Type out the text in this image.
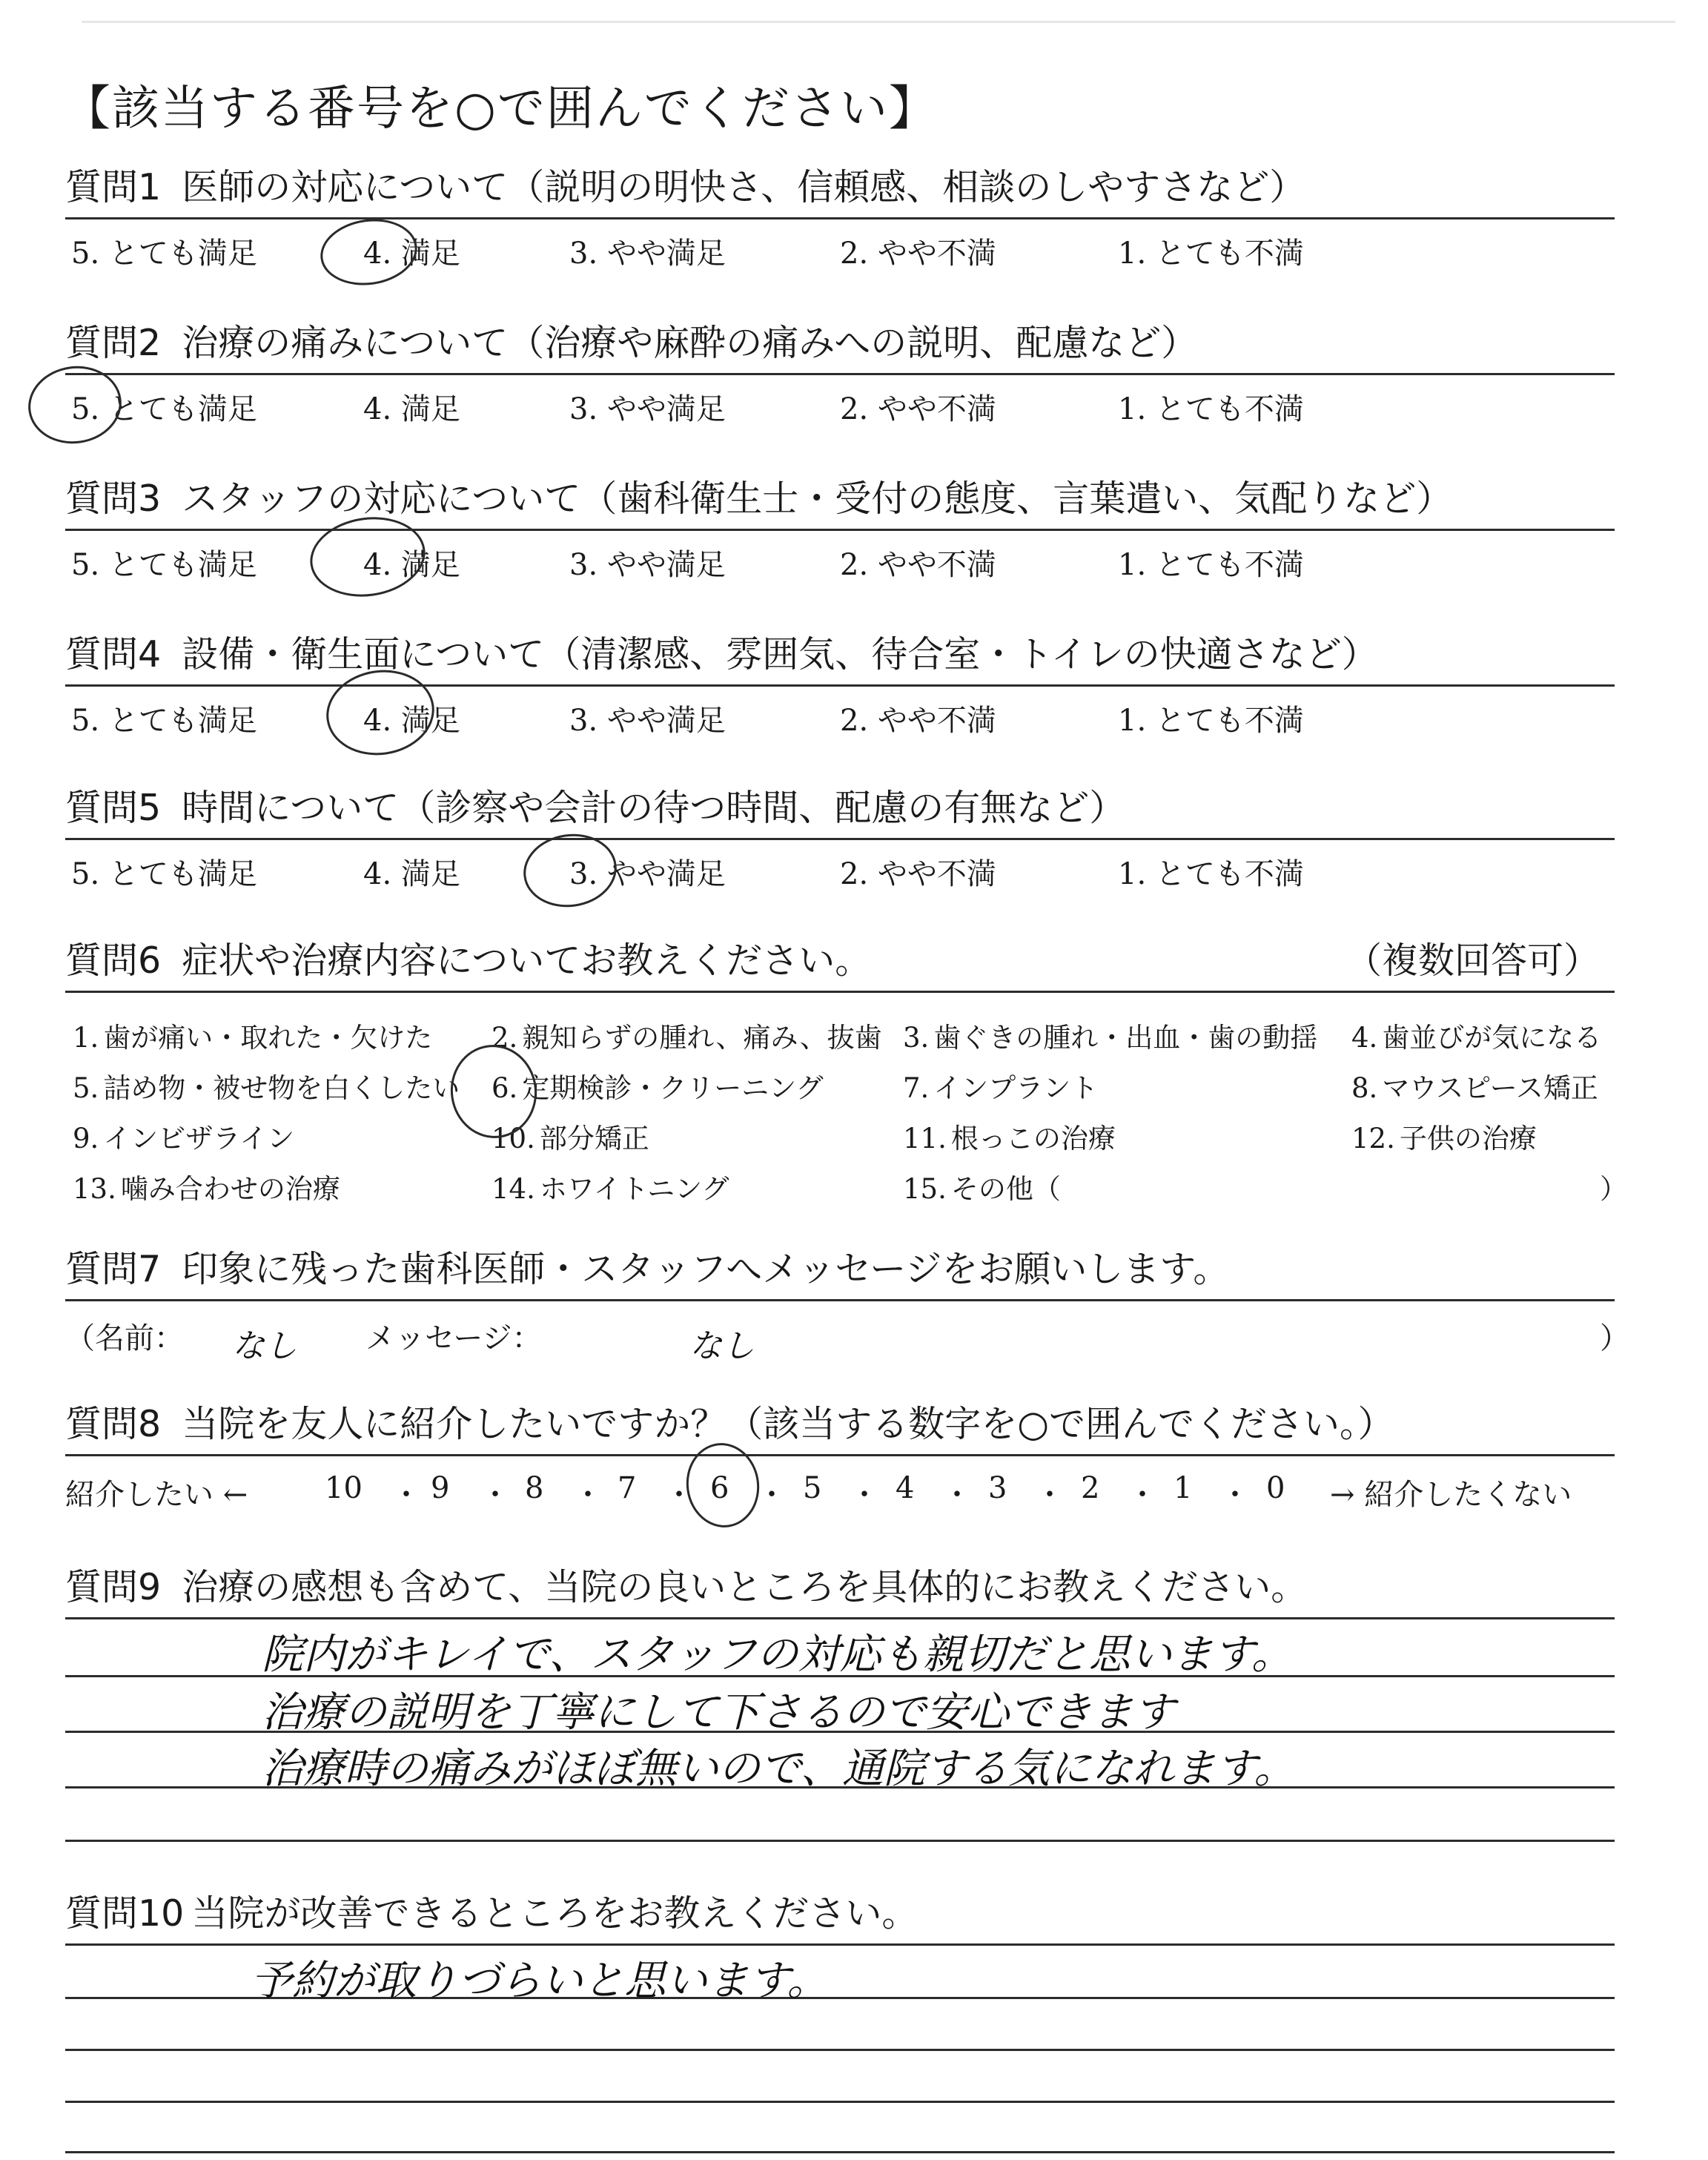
【該当する番号を○で囲んでください】
質問1 医師の対応について（説明の明快さ、信頼感、相談のしやすさなど）
5. とても満足	4. 満足	3. やや満足	2. やや不満	1. とても不満
質問2 治療の痛みについて（治療や麻酔の痛みへの説明、配慮など）
5. とても満足	4. 満足	3. やや満足	2. やや不満	1. とても不満
質問3 スタッフの対応について（歯科衛生士・受付の態度、言葉遣い、気配りなど）
5. とても満足	4. 満足	3. やや満足	2. やや不満	1. とても不満
質問4 設備・衛生面について（清潔感、雰囲気、待合室・トイレの快適さなど）
5. とても満足	4. 満足	3. やや満足	2. やや不満	1. とても不満
質問5 時間について（診察や会計の待つ時間、配慮の有無など）
5. とても満足	4. 満足	3. やや満足	2. やや不満	1. とても不満
質問6 症状や治療内容についてお教えください。	（複数回答可）
1. 歯が痛い・取れた・欠けた 2. 親知らずの腫れ、痛み、抜歯 3. 歯ぐきの腫れ・出血・歯の動揺 4. 歯並びが気になる
5. 詰め物・被せ物を白くしたい 6. 定期検診・クリーニング	7. インプラント	8. マウスピース矯正
9. インビザライン	10. 部分矯正	11. 根っこの治療	12. 子供の治療
13. 噛み合わせの治療	14. ホワイトニング	15. その他（	）
質問7 印象に残った歯科医師・スタッフへメッセージをお願いします。
（名前： なし メッセージ：	なし	）
質問8 当院を友人に紹介したいですか？（該当する数字を○で囲んでください。）
紹介したい ←	10 ・ 9 ・ 8 ・ 7 ・ 6 ・ 5 ・ 4 ・ 3 ・ 2 ・ 1 ・ 0 → 紹介したくない
質問9 治療の感想も含めて、当院の良いところを具体的にお教えください。
院内がキレイで、スタッフの対応も親切だと思います。
治療の説明を丁寧にして下さるので安心できます
治療時の痛みがほぼ無いので、通院する気になれます。
質問10 当院が改善できるところをお教えください。
予約が取りづらいと思います。
